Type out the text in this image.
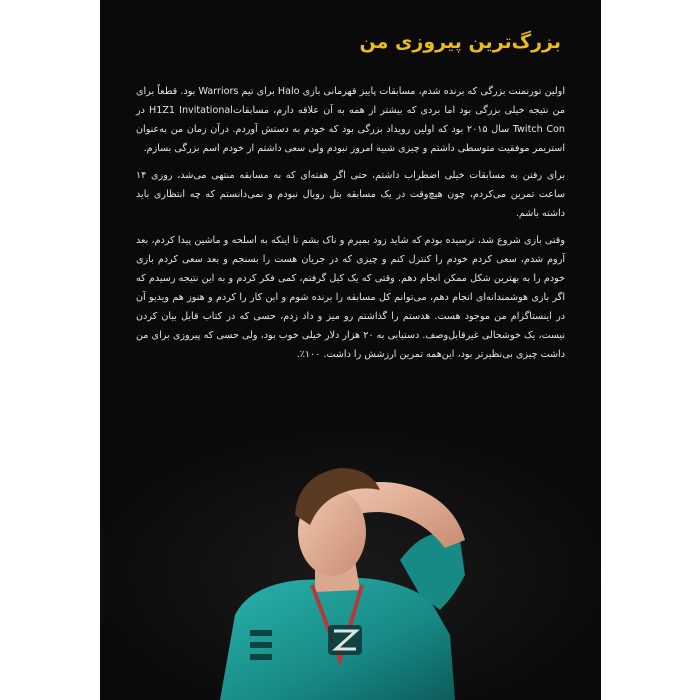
بزرگ‌ترین پیروزی من

اولین تورنمنت بزرگی که برنده شدم، مسابقات پاییز قهرمانی بازی Halo برای تیم Warriors بود. قطعاً برای من نتیجه خیلی بزرگی بود اما بردی که بیشتر از همه به آن علاقه دارم، مسابقاتH1Z1 Invitational در Twitch Con سال ۲۰۱۵ بود که اولین رویداد بزرگی بود که خودم به دستش آوردم. درآن زمان من به‌عنوان استریمر موفقیت متوسطی داشتم و چیزی شبیه امروز نبودم ولی سعی داشتم از خودم اسم بزرگی بسازم.

برای رفتن به مسابقات خیلی اضطراب داشتم، حتی اگر هفته‌ای که به مسابقه منتهی می‌شد، روزی ۱۴ ساعت تمرین می‌کردم، چون هیچ‌وقت در یک مسابقه بتل رویال نبودم و نمی‌دانستم که چه انتظاری باید داشته باشم.

وقتی بازی شروع شد، ترسیده بودم که شاید زود بمیرم و ناک بشم تا اینکه به اسلحه و ماشین پیدا کردم، بعد آروم شدم، سعی کردم خودم را کنترل کنم و چیزی که در جریان هست را بسنجم و بعد سعی کردم بازی خودم را به بهترین شکل ممکن انجام دهم. وقتی که یک کیل گرفتم، کمی فکر کردم و به این نتیجه رسیدم که اگر بازی هوشمندانه‌ای انجام دهم، می‌توانم کل مسابقه را برنده شوم و این کار را کردم و هنوز هم ویدیو آن در اینستاگرام من موجود هست. هدستم را گذاشتم رو میز و داد زدم، حسی که در کتاب قابل بیان کردن نیست، یک خوشحالی غیرقابل‌وصف. دستیابی به ۲۰ هزار دلار خیلی خوب بود، ولی حسی که پیروزی برای من داشت چیزی بی‌نظیرتر بود، این‌همه تمرین ارزشش را داشت. ۱۰۰٪.
